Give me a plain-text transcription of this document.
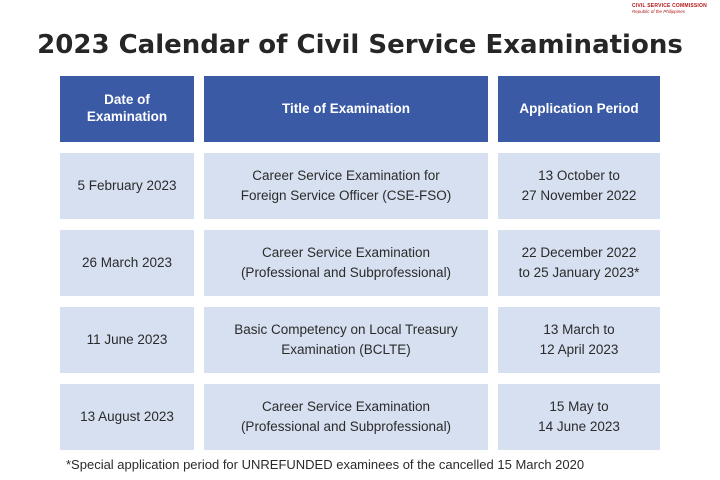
CIVIL SERVICE COMMISSION
Republic of the Philippines
2023 Calendar of Civil Service Examinations
Date of
Examination
Title of Examination	Application Period
5 February 2023
Career Service Examination for
Foreign Service Officer (CSE-FSO)
13 October to
27 November 2022
26 March 2023
Career Service Examination
(Professional and Subprofessional)
22 December 2022
to 25 January 2023*
11 June 2023
Basic Competency on Local Treasury
Examination (BCLTE)
13 March to
12 April 2023
13 August 2023
Career Service Examination
(Professional and Subprofessional)
15 May to
14 June 2023
*Special application period for UNREFUNDED examinees of the cancelled 15 March 2020
